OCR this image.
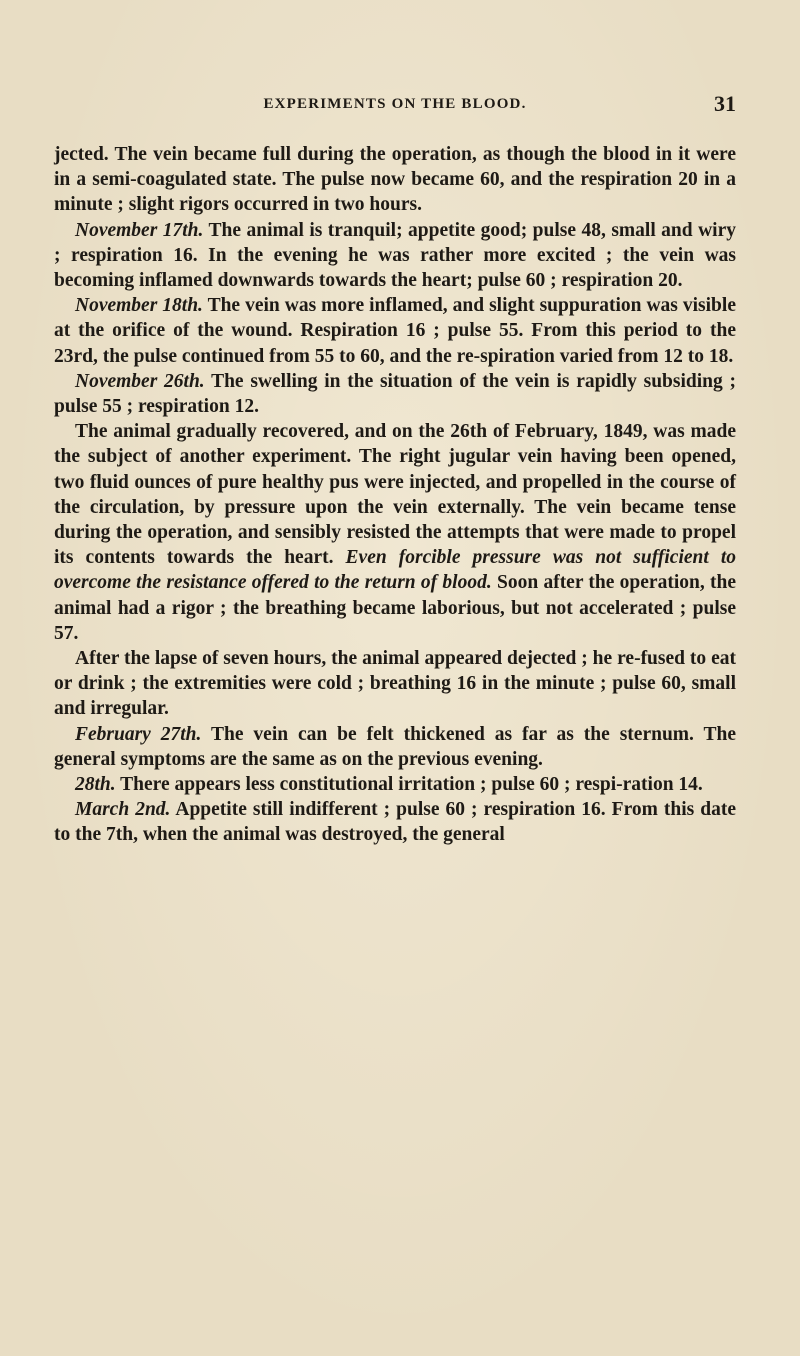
EXPERIMENTS ON THE BLOOD.	31

jected. The vein became full during the operation, as though the blood in it were in a semi-coagulated state. The pulse now became 60, and the respiration 20 in a minute ; slight rigors occurred in two hours.

November 17th. The animal is tranquil; appetite good; pulse 48, small and wiry ; respiration 16. In the evening he was rather more excited ; the vein was becoming inflamed downwards towards the heart; pulse 60 ; respiration 20.

November 18th. The vein was more inflamed, and slight suppuration was visible at the orifice of the wound. Respiration 16 ; pulse 55. From this period to the 23rd, the pulse continued from 55 to 60, and the re-spiration varied from 12 to 18.

November 26th. The swelling in the situation of the vein is rapidly subsiding ; pulse 55 ; respiration 12.

The animal gradually recovered, and on the 26th of February, 1849, was made the subject of another experiment. The right jugular vein having been opened, two fluid ounces of pure healthy pus were injected, and propelled in the course of the circulation, by pressure upon the vein externally. The vein became tense during the operation, and sensibly resisted the attempts that were made to propel its contents towards the heart. Even forcible pressure was not sufficient to overcome the resistance offered to the return of blood. Soon after the operation, the animal had a rigor ; the breathing became laborious, but not accelerated ; pulse 57.

After the lapse of seven hours, the animal appeared dejected ; he re-fused to eat or drink ; the extremities were cold ; breathing 16 in the minute ; pulse 60, small and irregular.

February 27th. The vein can be felt thickened as far as the sternum. The general symptoms are the same as on the previous evening.

28th. There appears less constitutional irritation ; pulse 60 ; respi-ration 14.

March 2nd. Appetite still indifferent ; pulse 60 ; respiration 16. From this date to the 7th, when the animal was destroyed, the general
